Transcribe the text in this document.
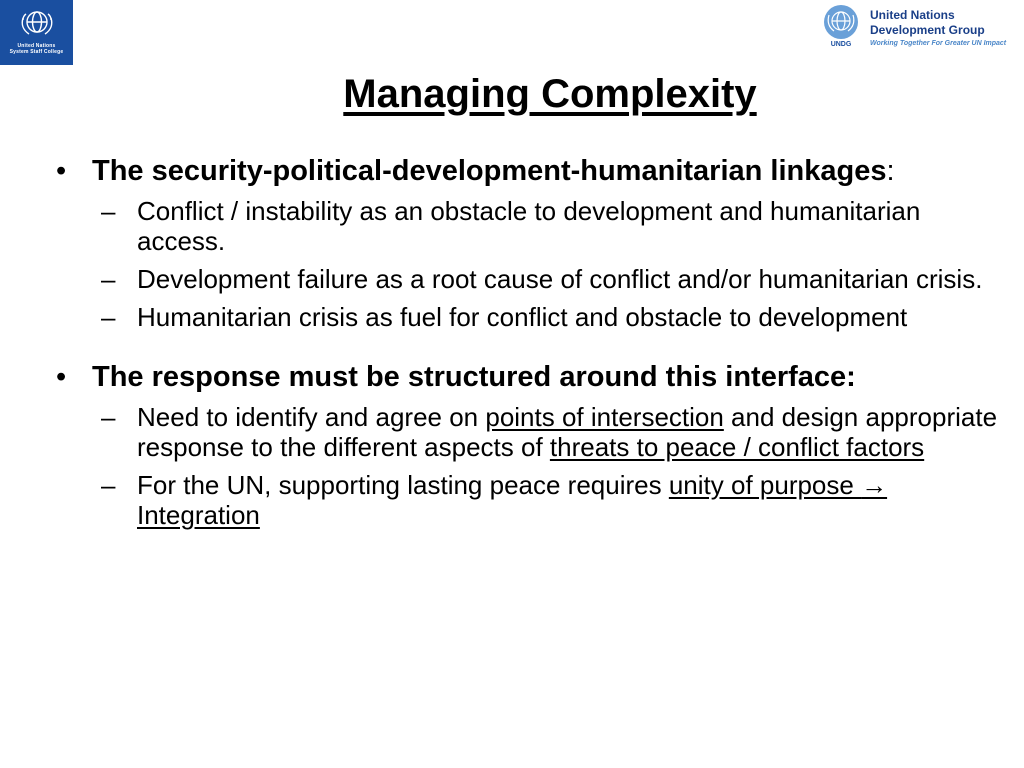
United Nations
System Staff College
UNDG
United Nations
Development Group
Working Together For Greater UN Impact
Managing Complexity
• The security-political-development-humanitarian linkages:
– Conflict / instability as an obstacle to development and humanitarian access.
– Development failure as a root cause of conflict and/or humanitarian crisis.
– Humanitarian crisis as fuel for conflict and obstacle to development
• The response must be structured around this interface:
– Need to identify and agree on points of intersection and design appropriate response to the different aspects of threats to peace / conflict factors
– For the UN, supporting lasting peace requires unity of purpose → Integration
